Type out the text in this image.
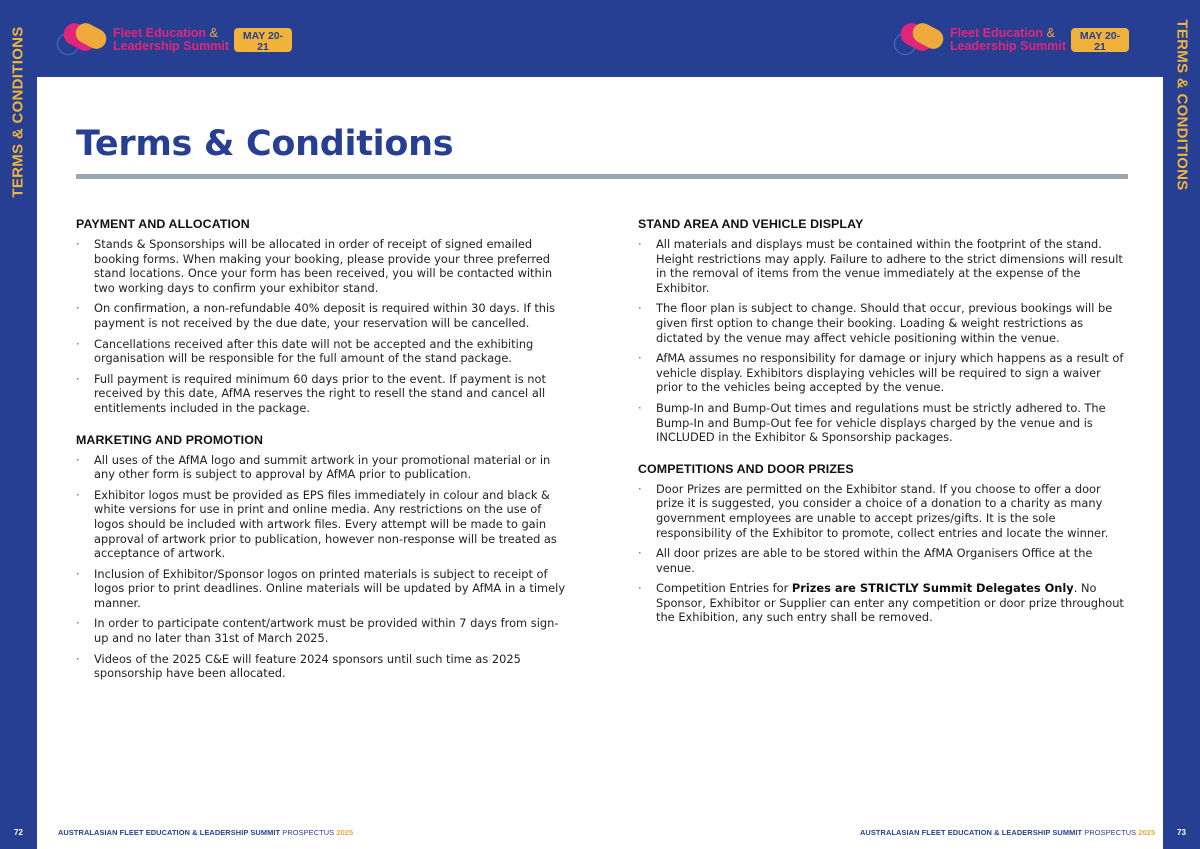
TERMS & CONDITIONS
72
TERMS & CONDITIONS
73
Fleet Education &
Leadership Summit
MAY 20-21
ROSEHILL GARDENS
Fleet Education &
Leadership Summit
MAY 20-21
ROSEHILL GARDENS
Terms & Conditions
PAYMENT AND ALLOCATION
· Stands & Sponsorships will be allocated in order of receipt of signed emailed booking forms. When making your booking, please provide your three preferred stand locations. Once your form has been received, you will be contacted within two working days to confirm your exhibitor stand.
· On confirmation, a non-refundable 40% deposit is required within 30 days. If this payment is not received by the due date, your reservation will be cancelled.
· Cancellations received after this date will not be accepted and the exhibiting organisation will be responsible for the full amount of the stand package.
· Full payment is required minimum 60 days prior to the event. If payment is not received by this date, AfMA reserves the right to resell the stand and cancel all entitlements included in the package.
MARKETING AND PROMOTION
· All uses of the AfMA logo and summit artwork in your promotional material or in any other form is subject to approval by AfMA prior to publication.
· Exhibitor logos must be provided as EPS files immediately in colour and black & white versions for use in print and online media. Any restrictions on the use of logos should be included with artwork files. Every attempt will be made to gain approval of artwork prior to publication, however non-response will be treated as acceptance of artwork.
· Inclusion of Exhibitor/Sponsor logos on printed materials is subject to receipt of logos prior to print deadlines. Online materials will be updated by AfMA in a timely manner.
· In order to participate content/artwork must be provided within 7 days from sign-up and no later than 31st of March 2025.
· Videos of the 2025 C&E will feature 2024 sponsors until such time as 2025 sponsorship have been allocated.
STAND AREA AND VEHICLE DISPLAY
· All materials and displays must be contained within the footprint of the stand. Height restrictions may apply. Failure to adhere to the strict dimensions will result in the removal of items from the venue immediately at the expense of the Exhibitor.
· The floor plan is subject to change. Should that occur, previous bookings will be given first option to change their booking. Loading & weight restrictions as dictated by the venue may affect vehicle positioning within the venue.
· AfMA assumes no responsibility for damage or injury which happens as a result of vehicle display. Exhibitors displaying vehicles will be required to sign a waiver prior to the vehicles being accepted by the venue.
· Bump-In and Bump-Out times and regulations must be strictly adhered to. The Bump-In and Bump-Out fee for vehicle displays charged by the venue and is INCLUDED in the Exhibitor & Sponsorship packages.
COMPETITIONS AND DOOR PRIZES
· Door Prizes are permitted on the Exhibitor stand. If you choose to offer a door prize it is suggested, you consider a choice of a donation to a charity as many government employees are unable to accept prizes/gifts. It is the sole responsibility of the Exhibitor to promote, collect entries and locate the winner.
· All door prizes are able to be stored within the AfMA Organisers Office at the venue.
· Competition Entries for Prizes are STRICTLY Summit Delegates Only. No Sponsor, Exhibitor or Supplier can enter any competition or door prize throughout the Exhibition, any such entry shall be removed.
AUSTRALASIAN FLEET EDUCATION & LEADERSHIP SUMMIT PROSPECTUS 2025	AUSTRALASIAN FLEET EDUCATION & LEADERSHIP SUMMIT PROSPECTUS 2025
